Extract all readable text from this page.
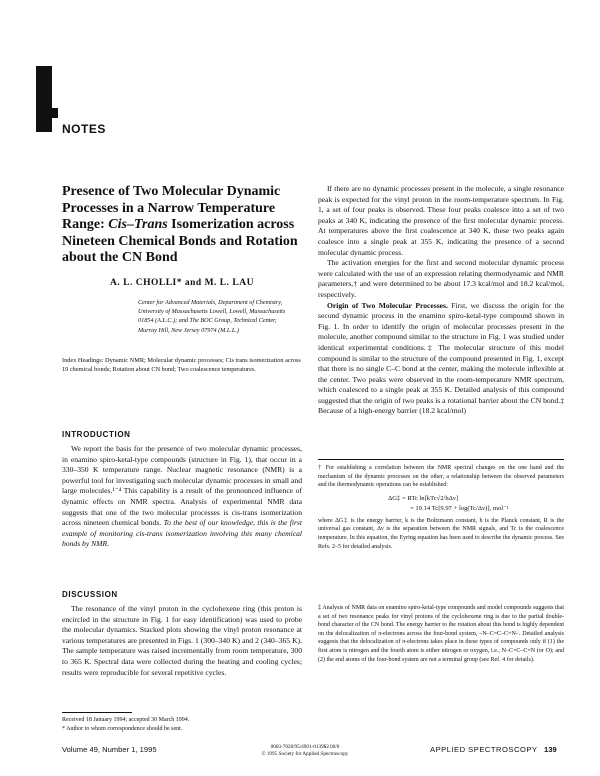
NOTES
Presence of Two Molecular Dynamic Processes in a Narrow Temperature Range: Cis–Trans Isomerization across Nineteen Chemical Bonds and Rotation about the CN Bond
A. L. CHOLLI* and M. L. LAU
Center for Advanced Materials, Department of Chemistry, University of Massachusetts Lowell, Lowell, Massachusetts 01854 (A.L.C.); and The BOC Group, Technical Center, Murray Hill, New Jersey 07974 (M.L.L.)
Index Headings: Dynamic NMR; Molecular dynamic processes; Cis trans isomerization across 19 chemical bonds; Rotation about CN bond; Two coalescence temperatures.
INTRODUCTION

We report the basis for the presence of two molecular dynamic processes, in enamino spiro-ketal-type compounds (structure in Fig. 1), that occur in a 330–350 K temperature range. Nuclear magnetic resonance (NMR) is a powerful tool for investigating such molecular dynamic processes in small and large molecules.¹⁻⁴ This capability is a result of the pronounced influence of dynamic effects on NMR spectra. Analysis of experimental NMR data suggests that one of the two molecular processes is cis-trans isomerization across nineteen chemical bonds. To the best of our knowledge, this is the first example of monitoring cis-trans isomerization involving this many chemical bonds by NMR.

DISCUSSION

The resonance of the vinyl proton in the cyclohexene ring (this proton is encircled in the structure in Fig. 1 for easy identification) was used to probe the molecular dynamics. Stacked plots showing the vinyl proton resonance at various temperatures are presented in Figs. 1 (300–340 K) and 2 (340–365 K). The sample temperature was raised incrementally from room temperature, 300 to 365 K. Spectral data were collected during the heating and cooling cycles; results were reproducible for several repetitive cycles.

Received 18 January 1994; accepted 30 March 1994.
* Author to whom correspondence should be sent.

If there are no dynamic processes present in the molecule, a single resonance peak is expected for the vinyl proton in the room-temperature spectrum. In Fig. 1, a set of four peaks is observed. These four peaks coalesce into a set of two peaks at 340 K, indicating the presence of the first molecular dynamic process. At temperatures above the first coalescence at 340 K, these two peaks again coalesce into a single peak at 355 K, indicating the presence of a second molecular dynamic process.

The activation energies for the first and second molecular dynamic process were calculated with the use of an expression relating thermodynamic and NMR parameters,† and were determined to be about 17.3 kcal/mol and 18.2 kcal/mol, respectively.

Origin of Two Molecular Processes. First, we discuss the origin for the second dynamic process in the enamino spiro-ketal-type compound shown in Fig. 1. In order to identify the origin of molecular processes present in the molecule, another compound similar to the structure in Fig. 1 was studied under identical experimental conditions.‡ The molecular structure of this model compound is similar to the structure of the compound presented in Fig. 1, except that there is no single C–C bond at the center, making the molecule inflexible at the center. Two peaks were observed in the room-temperature NMR spectrum, which coalesced to a single peak at 355 K. Detailed analysis of this compound suggested that the origin of two peaks is a rotational barrier about the CN bond.‡ Because of a high-energy barrier (18.2 kcal/mol)

† For establishing a correlation between the NMR spectral changes on the one hand and the mechanism of the dynamic processes on the other, a relationship between the observed parameters and the thermodynamic operations can be established:
ΔG‡ = RTc ln[kTc√2/hΔν]
= 19.14 Tc[9.97 + log(Tc/Δν)], mol⁻¹
where ΔG‡ is the energy barrier, k is the Boltzmann constant, h is the Planck constant, R is the universal gas constant, Δν is the separation between the NMR signals, and Tc is the coalescence temperature. In this equation, the Eyring equation has been used to describe the dynamic process. See Refs. 2–5 for detailed analysis.
‡ Analysis of NMR data on enamino spiro-ketal-type compounds and model compounds suggests that a set of two resonance peaks for vinyl protons of the cyclohexene ring is due to the partial double-bond character of the CN bond. The energy barrier to the rotation about this bond is highly dependent on the delocalization of π-electrons across the four-bond system, –N–C=C–C=N–. Detailed analysis suggests that the delocalization of π-electrons takes place in these types of compounds only if (1) the first atom is nitrogen and the fourth atom is either nitrogen or oxygen, i.e., N–C=C–C=N (or O); and (2) the end atoms of the four-bond system are not a terminal group (see Ref. 4 for details).
Volume 49, Number 1, 1995	0003-7028/95/4901-0139$2.00/0
© 1995 Society for Applied Spectroscopy	APPLIED SPECTROSCOPY 139
